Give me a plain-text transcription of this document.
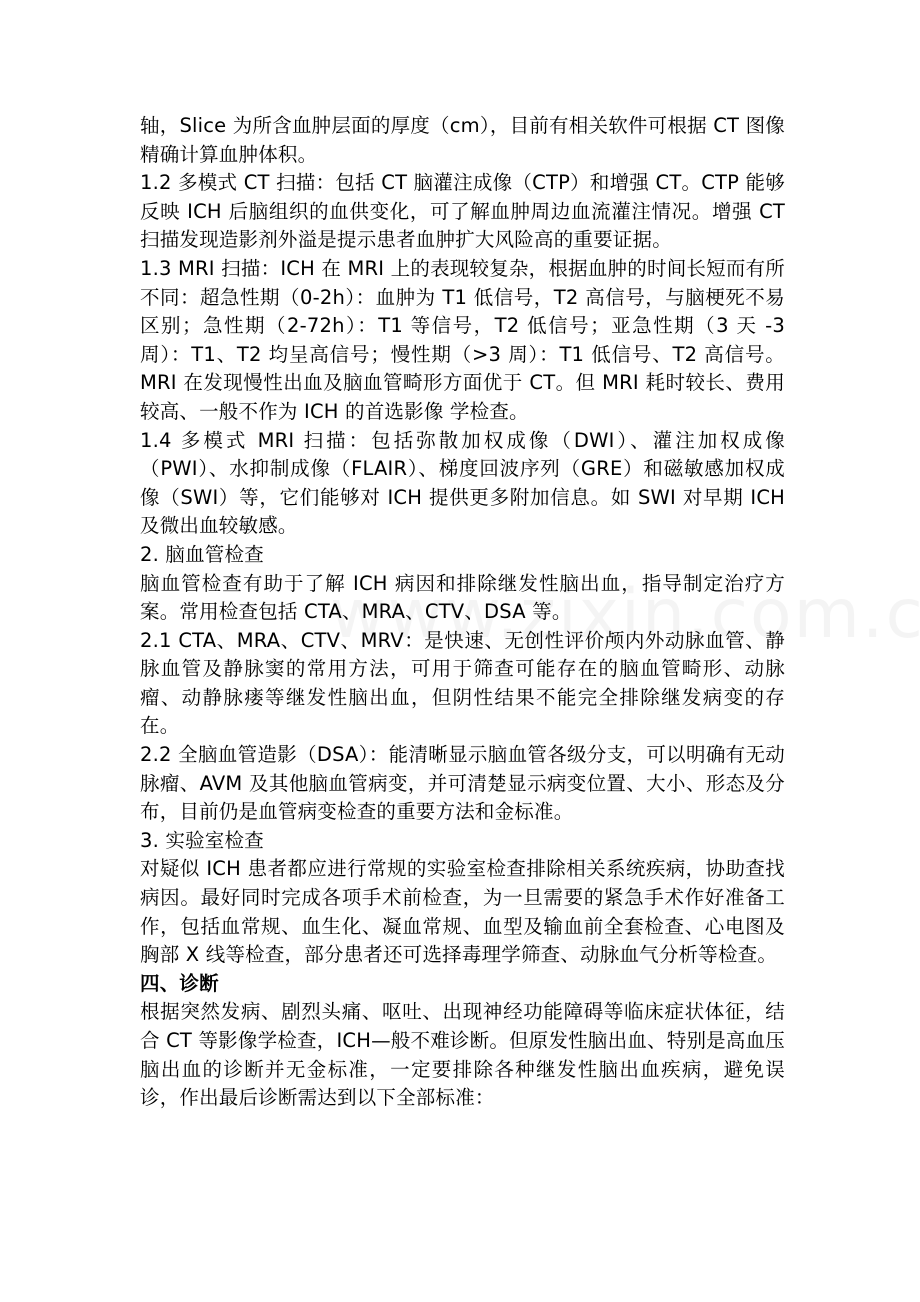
轴，Slice 为所含血肿层面的厚度（cm），目前有相关软件可根据 CT 图像精确计算血肿体积。

1.2 多模式 CT 扫描：包括 CT 脑灌注成像（CTP）和增强 CT。CTP 能够反映 ICH 后脑组织的血供变化，可了解血肿周边血流灌注情况。增强 CT 扫描发现造影剂外溢是提示患者血肿扩大风险高的重要证据。

1.3 MRI 扫描：ICH 在 MRI 上的表现较复杂，根据血肿的时间长短而有所不同：超急性期（0-2h）：血肿为 T1 低信号，T2 高信号，与脑梗死不易区别；急性期（2-72h）：T1 等信号，T2 低信号；亚急性期（3 天 -3 周）：T1、T2 均呈高信号；慢性期（>3 周）：T1 低信号、T2 高信号。MRI 在发现慢性出血及脑血管畸形方面优于 CT。但 MRI 耗时较长、费用较高、一般不作为 ICH 的首选影像 学检查。

1.4 多模式 MRI 扫描：包括弥散加权成像（DWI）、灌注加权成像（PWI）、水抑制成像（FLAIR）、梯度回波序列（GRE）和磁敏感加权成像（SWI）等，它们能够对 ICH 提供更多附加信息。如 SWI 对早期 ICH 及微出血较敏感。

2. 脑血管检查

脑血管检查有助于了解 ICH 病因和排除继发性脑出血，指导制定治疗方案。常用检查包括 CTA、MRA、CTV、DSA 等。

2.1 CTA、MRA、CTV、MRV：是快速、无创性评价颅内外动脉血管、静脉血管及静脉窦的常用方法，可用于筛查可能存在的脑血管畸形、动脉瘤、动静脉瘘等继发性脑出血，但阴性结果不能完全排除继发病变的存在。

2.2 全脑血管造影（DSA）：能清晰显示脑血管各级分支，可以明确有无动脉瘤、AVM 及其他脑血管病变，并可清楚显示病变位置、大小、形态及分布，目前仍是血管病变检查的重要方法和金标准。

3. 实验室检查

对疑似 ICH 患者都应进行常规的实验室检查排除相关系统疾病，协助查找病因。最好同时完成各项手术前检查，为一旦需要的紧急手术作好准备工作，包括血常规、血生化、凝血常规、血型及输血前全套检查、心电图及胸部 X 线等检查，部分患者还可选择毒理学筛查、动脉血气分析等检查。

四、诊断

根据突然发病、剧烈头痛、呕吐、出现神经功能障碍等临床症状体征，结合 CT 等影像学检查，ICH—般不难诊断。但原发性脑出血、特别是高血压脑出血的诊断并无金标准，一定要排除各种继发性脑出血疾病，避免误诊，作出最后诊断需达到以下全部标准：
